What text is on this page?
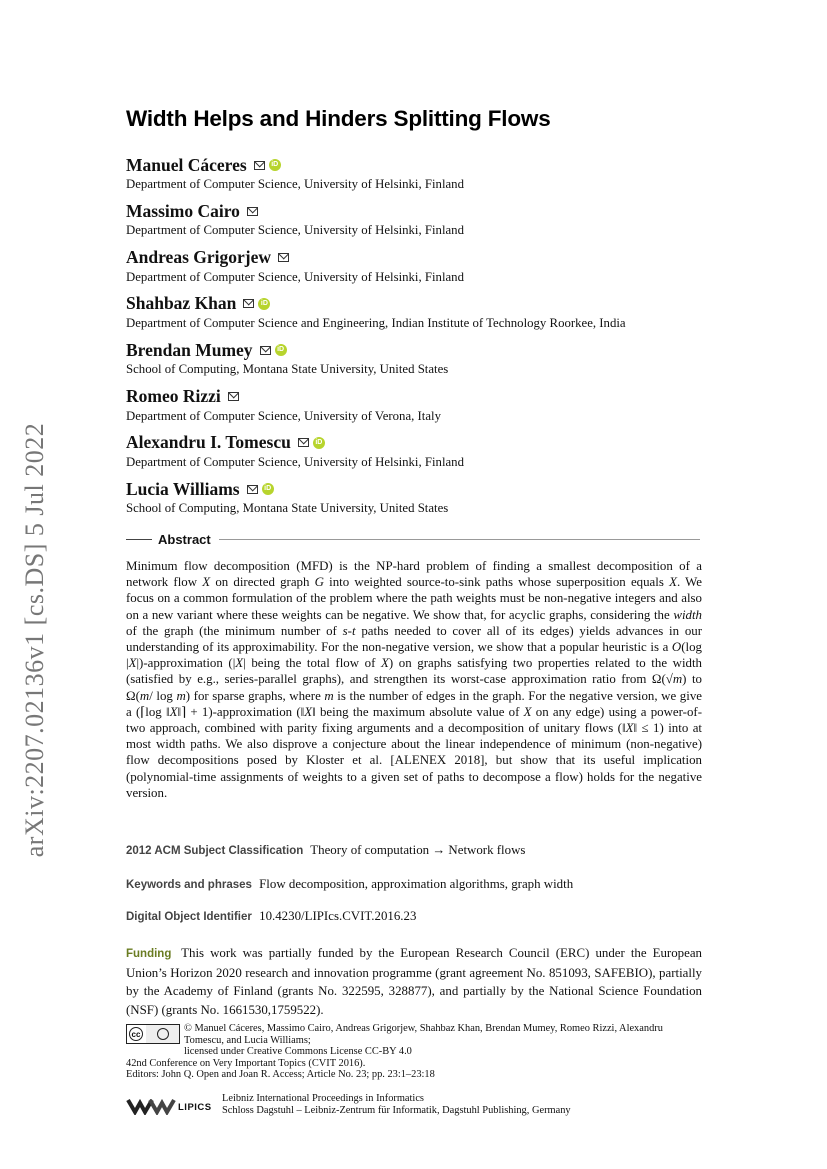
arXiv:2207.02136v1 [cs.DS] 5 Jul 2022
Width Helps and Hinders Splitting Flows
Manuel Cáceres	iD
Department of Computer Science, University of Helsinki, Finland
Massimo Cairo
Department of Computer Science, University of Helsinki, Finland
Andreas Grigorjew
Department of Computer Science, University of Helsinki, Finland
Shahbaz Khan	iD
Department of Computer Science and Engineering, Indian Institute of Technology Roorkee, India
Brendan Mumey	iD
School of Computing, Montana State University, United States
Romeo Rizzi
Department of Computer Science, University of Verona, Italy
Alexandru I. Tomescu	iD
Department of Computer Science, University of Helsinki, Finland
Lucia Williams	iD
School of Computing, Montana State University, United States
Abstract
Minimum flow decomposition (MFD) is the NP-hard problem of finding a smallest decomposition of a network flow X on directed graph G into weighted source-to-sink paths whose superposition equals X. We focus on a common formulation of the problem where the path weights must be non-negative integers and also on a new variant where these weights can be negative. We show that, for acyclic graphs, considering the width of the graph (the minimum number of s-t paths needed to cover all of its edges) yields advances in our understanding of its approximability. For the non-negative version, we show that a popular heuristic is a O(log |X|)-approximation (|X| being the total flow of X) on graphs satisfying two properties related to the width (satisfied by e.g., series-parallel graphs), and strengthen its worst-case approximation ratio from Ω(√m) to Ω(m/ log m) for sparse graphs, where m is the number of edges in the graph. For the negative version, we give a (⌈log ‖X‖⌉ + 1)-approximation (‖X‖ being the maximum absolute value of X on any edge) using a power-of-two approach, combined with parity fixing arguments and a decomposition of unitary flows (‖X‖ ≤ 1) into at most width paths. We also disprove a conjecture about the linear independence of minimum (non-negative) flow decompositions posed by Kloster et al. [ALENEX 2018], but show that its useful implication (polynomial-time assignments of weights to a given set of paths to decompose a flow) holds for the negative version.
2012 ACM Subject Classification Theory of computation → Network flows
Keywords and phrases Flow decomposition, approximation algorithms, graph width
Digital Object Identifier 10.4230/LIPIcs.CVIT.2016.23
Funding This work was partially funded by the European Research Council (ERC) under the European Union’s Horizon 2020 research and innovation programme (grant agreement No. 851093, SAFEBIO), partially by the Academy of Finland (grants No. 322595, 328877), and partially by the National Science Foundation (NSF) (grants No. 1661530,1759522).
cc
© Manuel Cáceres, Massimo Cairo, Andreas Grigorjew, Shahbaz Khan, Brendan Mumey, Romeo Rizzi, Alexandru Tomescu, and Lucia Williams;
licensed under Creative Commons License CC-BY 4.0
42nd Conference on Very Important Topics (CVIT 2016).
Editors: John Q. Open and Joan R. Access; Article No. 23; pp. 23:1–23:18
LIPICS
Leibniz International Proceedings in Informatics
Schloss Dagstuhl – Leibniz-Zentrum für Informatik, Dagstuhl Publishing, Germany
